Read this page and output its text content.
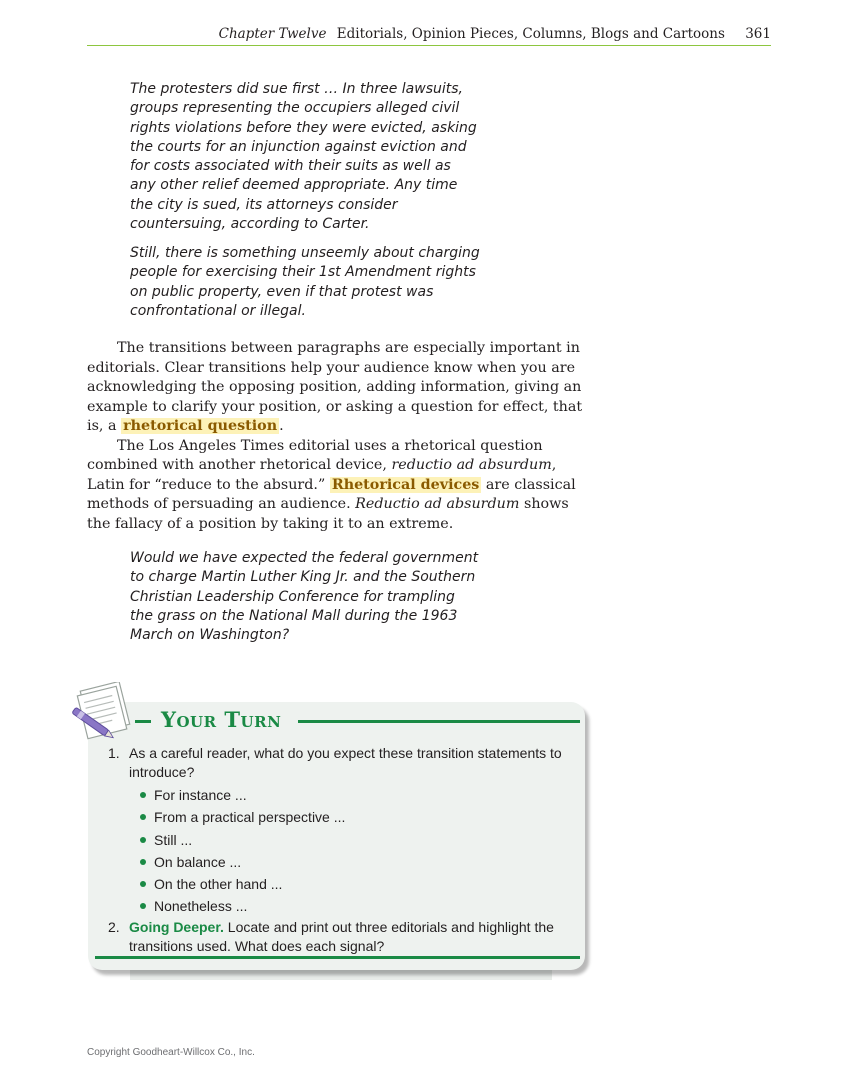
Chapter Twelve Editorials, Opinion Pieces, Columns, Blogs and Cartoons 361

The protesters did sue first … In three lawsuits, groups representing the occupiers alleged civil rights violations before they were evicted, asking the courts for an injunction against eviction and for costs associated with their suits as well as any other relief deemed appropriate. Any time the city is sued, its attorneys consider countersuing, according to Carter.

Still, there is something unseemly about charging people for exercising their 1st Amendment rights on public property, even if that protest was confrontational or illegal.

The transitions between paragraphs are especially important in editorials. Clear transitions help your audience know when you are acknowledging the opposing position, adding information, giving an example to clarify your position, or asking a question for effect, that is, a rhetorical question .

The Los Angeles Times editorial uses a rhetorical question combined with another rhetorical device, reductio ad absurdum, Latin for “reduce to the absurd.” Rhetorical devices are classical methods of persuading an audience. Reductio ad absurdum shows the fallacy of a position by taking it to an extreme.

Would we have expected the federal government to charge Martin Luther King Jr. and the Southern Christian Leadership Conference for trampling the grass on the National Mall during the 1963 March on Washington?

Your Turn
1. As a careful reader, what do you expect these transition statements to introduce?
For instance ...
From a practical perspective ...
Still ...
On balance ...
On the other hand ...
Nonetheless ...
2. Going Deeper. Locate and print out three editorials and highlight the transitions used. What does each signal?
Copyright Goodheart-Willcox Co., Inc.
